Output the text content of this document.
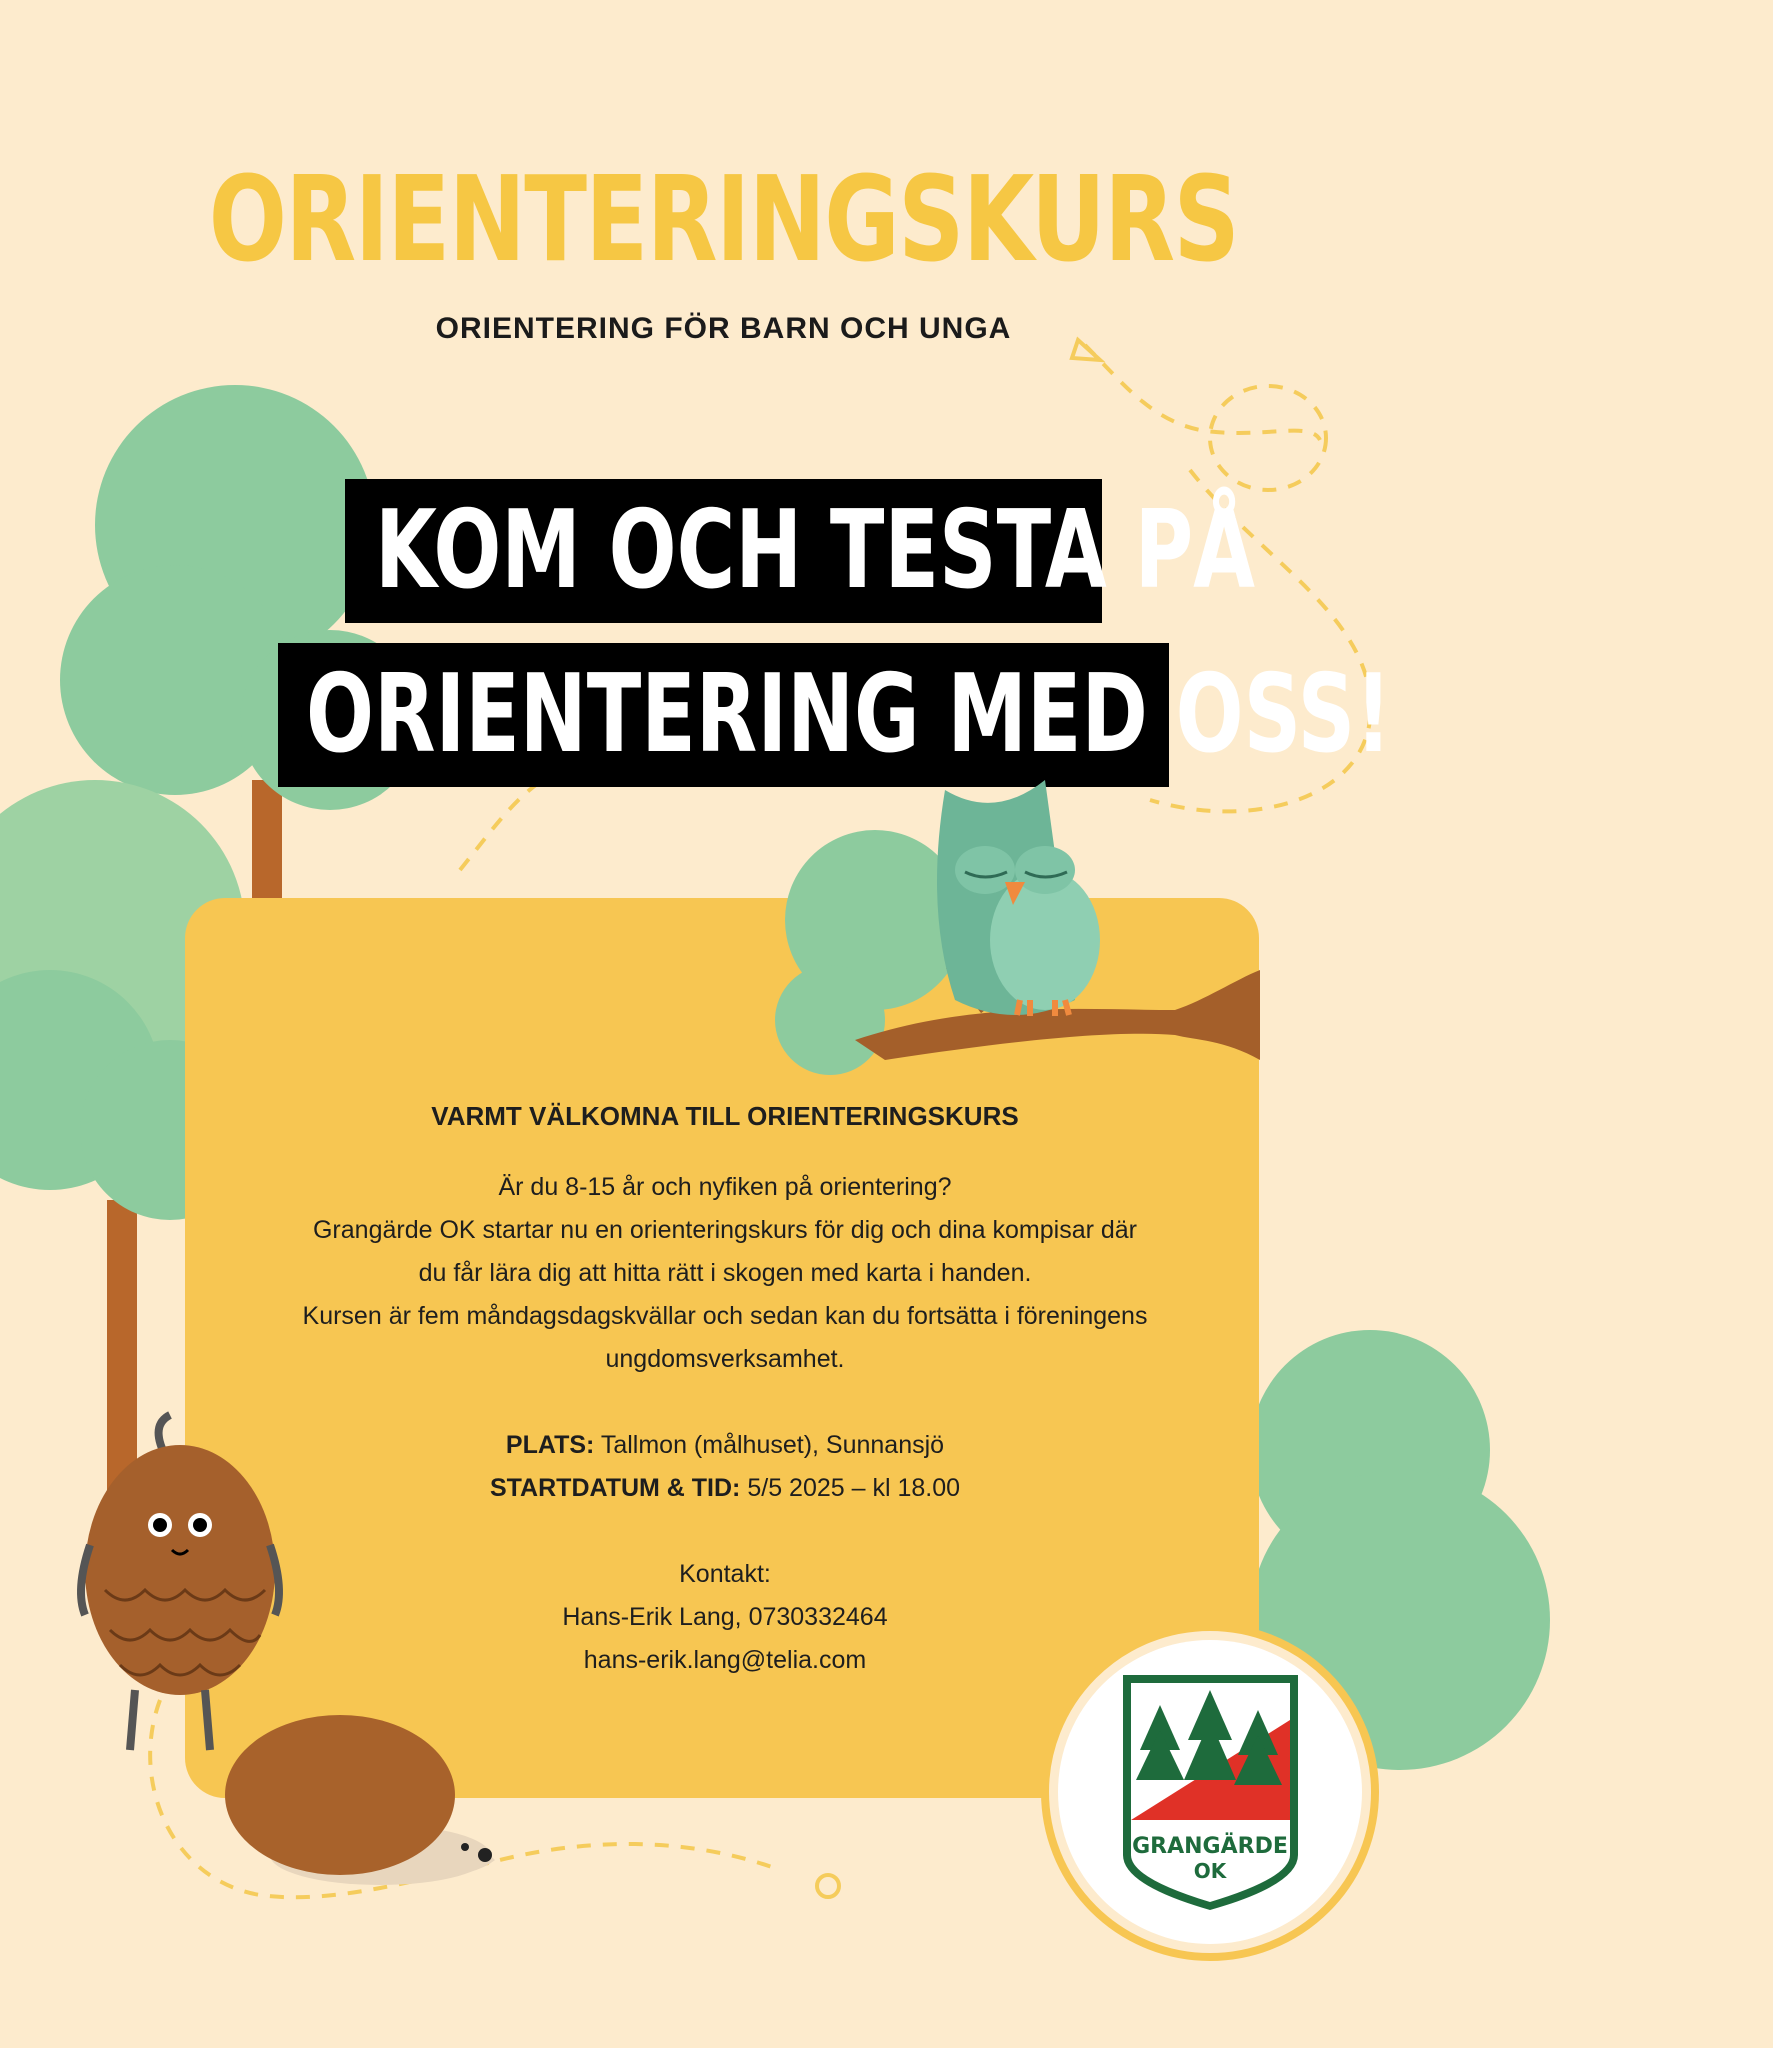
ORIENTERINGSKURS
ORIENTERING FÖR BARN OCH UNGA
KOM OCH TESTA PÅ
ORIENTERING MED OSS!

VARMT VÄLKOMNA TILL ORIENTERINGSKURS

Är du 8-15 år och nyfiken på orientering?

Grangärde OK startar nu en orienteringskurs för dig och dina kompisar där du får lära dig att hitta rätt i skogen med karta i handen.

Kursen är fem måndagsdagskvällar och sedan kan du fortsätta i föreningens ungdomsverksamhet.

PLATS: Tallmon (målhuset), Sunnansjö

STARTDATUM & TID: 5/5 2025 – kl 18.00

Kontakt:

Hans-Erik Lang, 0730332464

hans-erik.lang@telia.com

GRANGÄRDE
OK
